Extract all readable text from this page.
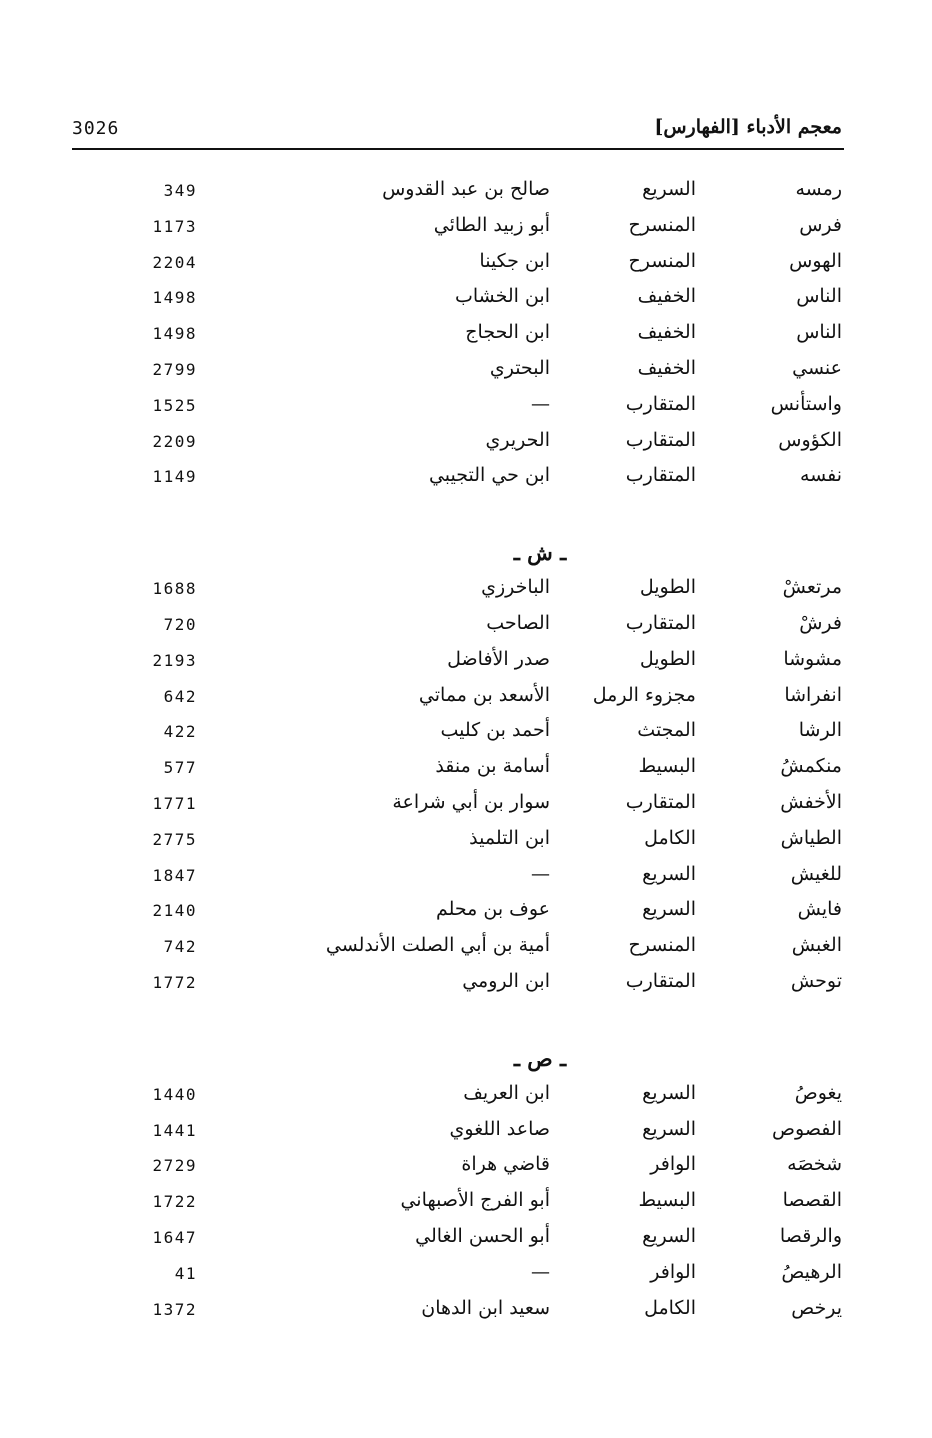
3026	معجم الأدباء [الفهارس]
رمسه
السريع
صالح بن عبد القدوس
349
فرس
المنسرح
أبو زبيد الطائي
1173
الهوس
المنسرح
ابن جكينا
2204
الناس
الخفيف
ابن الخشاب
1498
الناس
الخفيف
ابن الحجاج
1498
عنسي
الخفيف
البحتري
2799
واستأنس
المتقارب
—
1525
الكؤوس
المتقارب
الحريري
2209
نفسه
المتقارب
ابن حي التجيبي
1149
ـ ش ـ
مرتعشْ
الطويل
الباخرزي
1688
فرشْ
المتقارب
الصاحب
720
مشوشا
الطويل
صدر الأفاضل
2193
انفراشا
مجزوء الرمل
الأسعد بن مماتي
642
الرشا
المجتث
أحمد بن كليب
422
منكمشُ
البسيط
أسامة بن منقذ
577
الأخفش
المتقارب
سوار بن أبي شراعة
1771
الطياش
الكامل
ابن التلميذ
2775
للغيش
السريع
—
1847
فايش
السريع
عوف بن محلم
2140
الغبش
المنسرح
أمية بن أبي الصلت الأندلسي
742
توحش
المتقارب
ابن الرومي
1772
ـ ص ـ
يغوصُ
السريع
ابن العريف
1440
الفصوص
السريع
صاعد اللغوي
1441
شخصَه
الوافر
قاضي هراة
2729
القصصا
البسيط
أبو الفرج الأصبهاني
1722
والرقصا
السريع
أبو الحسن الغالي
1647
الرهيصُ
الوافر
—
41
يرخص
الكامل
سعيد ابن الدهان
1372
